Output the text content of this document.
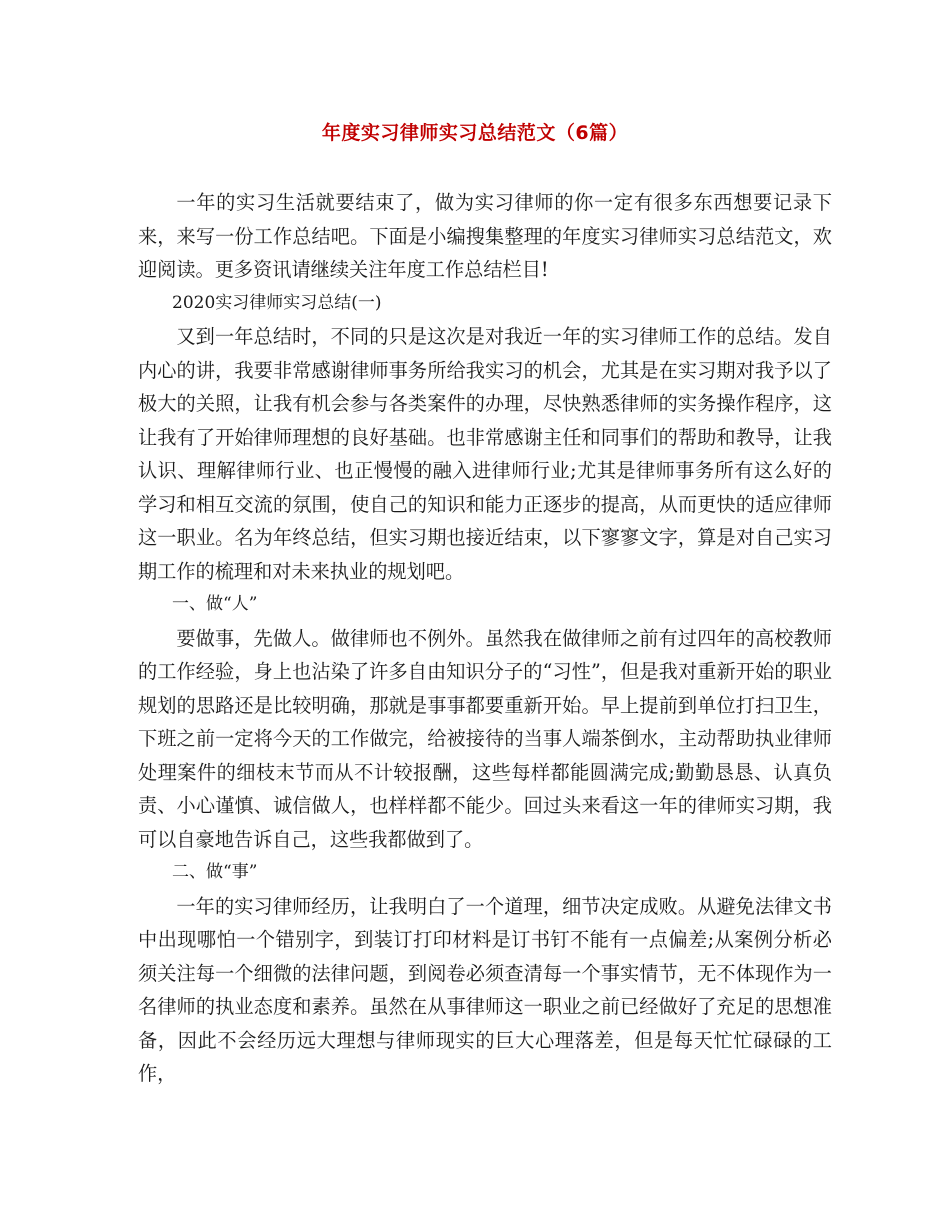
年度实习律师实习总结范文（6篇）

一年的实习生活就要结束了，做为实习律师的你一定有很多东西想要记录下来，来写一份工作总结吧。下面是小编搜集整理的年度实习律师实习总结范文，欢迎阅读。更多资讯请继续关注年度工作总结栏目!

2020实习律师实习总结(一)

又到一年总结时，不同的只是这次是对我近一年的实习律师工作的总结。发自内心的讲，我要非常感谢律师事务所给我实习的机会，尤其是在实习期对我予以了极大的关照，让我有机会参与各类案件的办理，尽快熟悉律师的实务操作程序，这让我有了开始律师理想的良好基础。也非常感谢主任和同事们的帮助和教导，让我认识、理解律师行业、也正慢慢的融入进律师行业;尤其是律师事务所有这么好的学习和相互交流的氛围，使自己的知识和能力正逐步的提高，从而更快的适应律师这一职业。名为年终总结，但实习期也接近结束，以下寥寥文字，算是对自己实习期工作的梳理和对未来执业的规划吧。

一、做“人”

要做事，先做人。做律师也不例外。虽然我在做律师之前有过四年的高校教师的工作经验，身上也沾染了许多自由知识分子的“习性”，但是我对重新开始的职业规划的思路还是比较明确，那就是事事都要重新开始。早上提前到单位打扫卫生，下班之前一定将今天的工作做完，给被接待的当事人端茶倒水，主动帮助执业律师处理案件的细枝末节而从不计较报酬，这些每样都能圆满完成;勤勤恳恳、认真负责、小心谨慎、诚信做人，也样样都不能少。回过头来看这一年的律师实习期，我可以自豪地告诉自己，这些我都做到了。

二、做“事”

一年的实习律师经历，让我明白了一个道理，细节决定成败。从避免法律文书中出现哪怕一个错别字，到装订打印材料是订书钉不能有一点偏差;从案例分析必须关注每一个细微的法律问题，到阅卷必须查清每一个事实情节，无不体现作为一名律师的执业态度和素养。虽然在从事律师这一职业之前已经做好了充足的思想准备，因此不会经历远大理想与律师现实的巨大心理落差，但是每天忙忙碌碌的工作，
